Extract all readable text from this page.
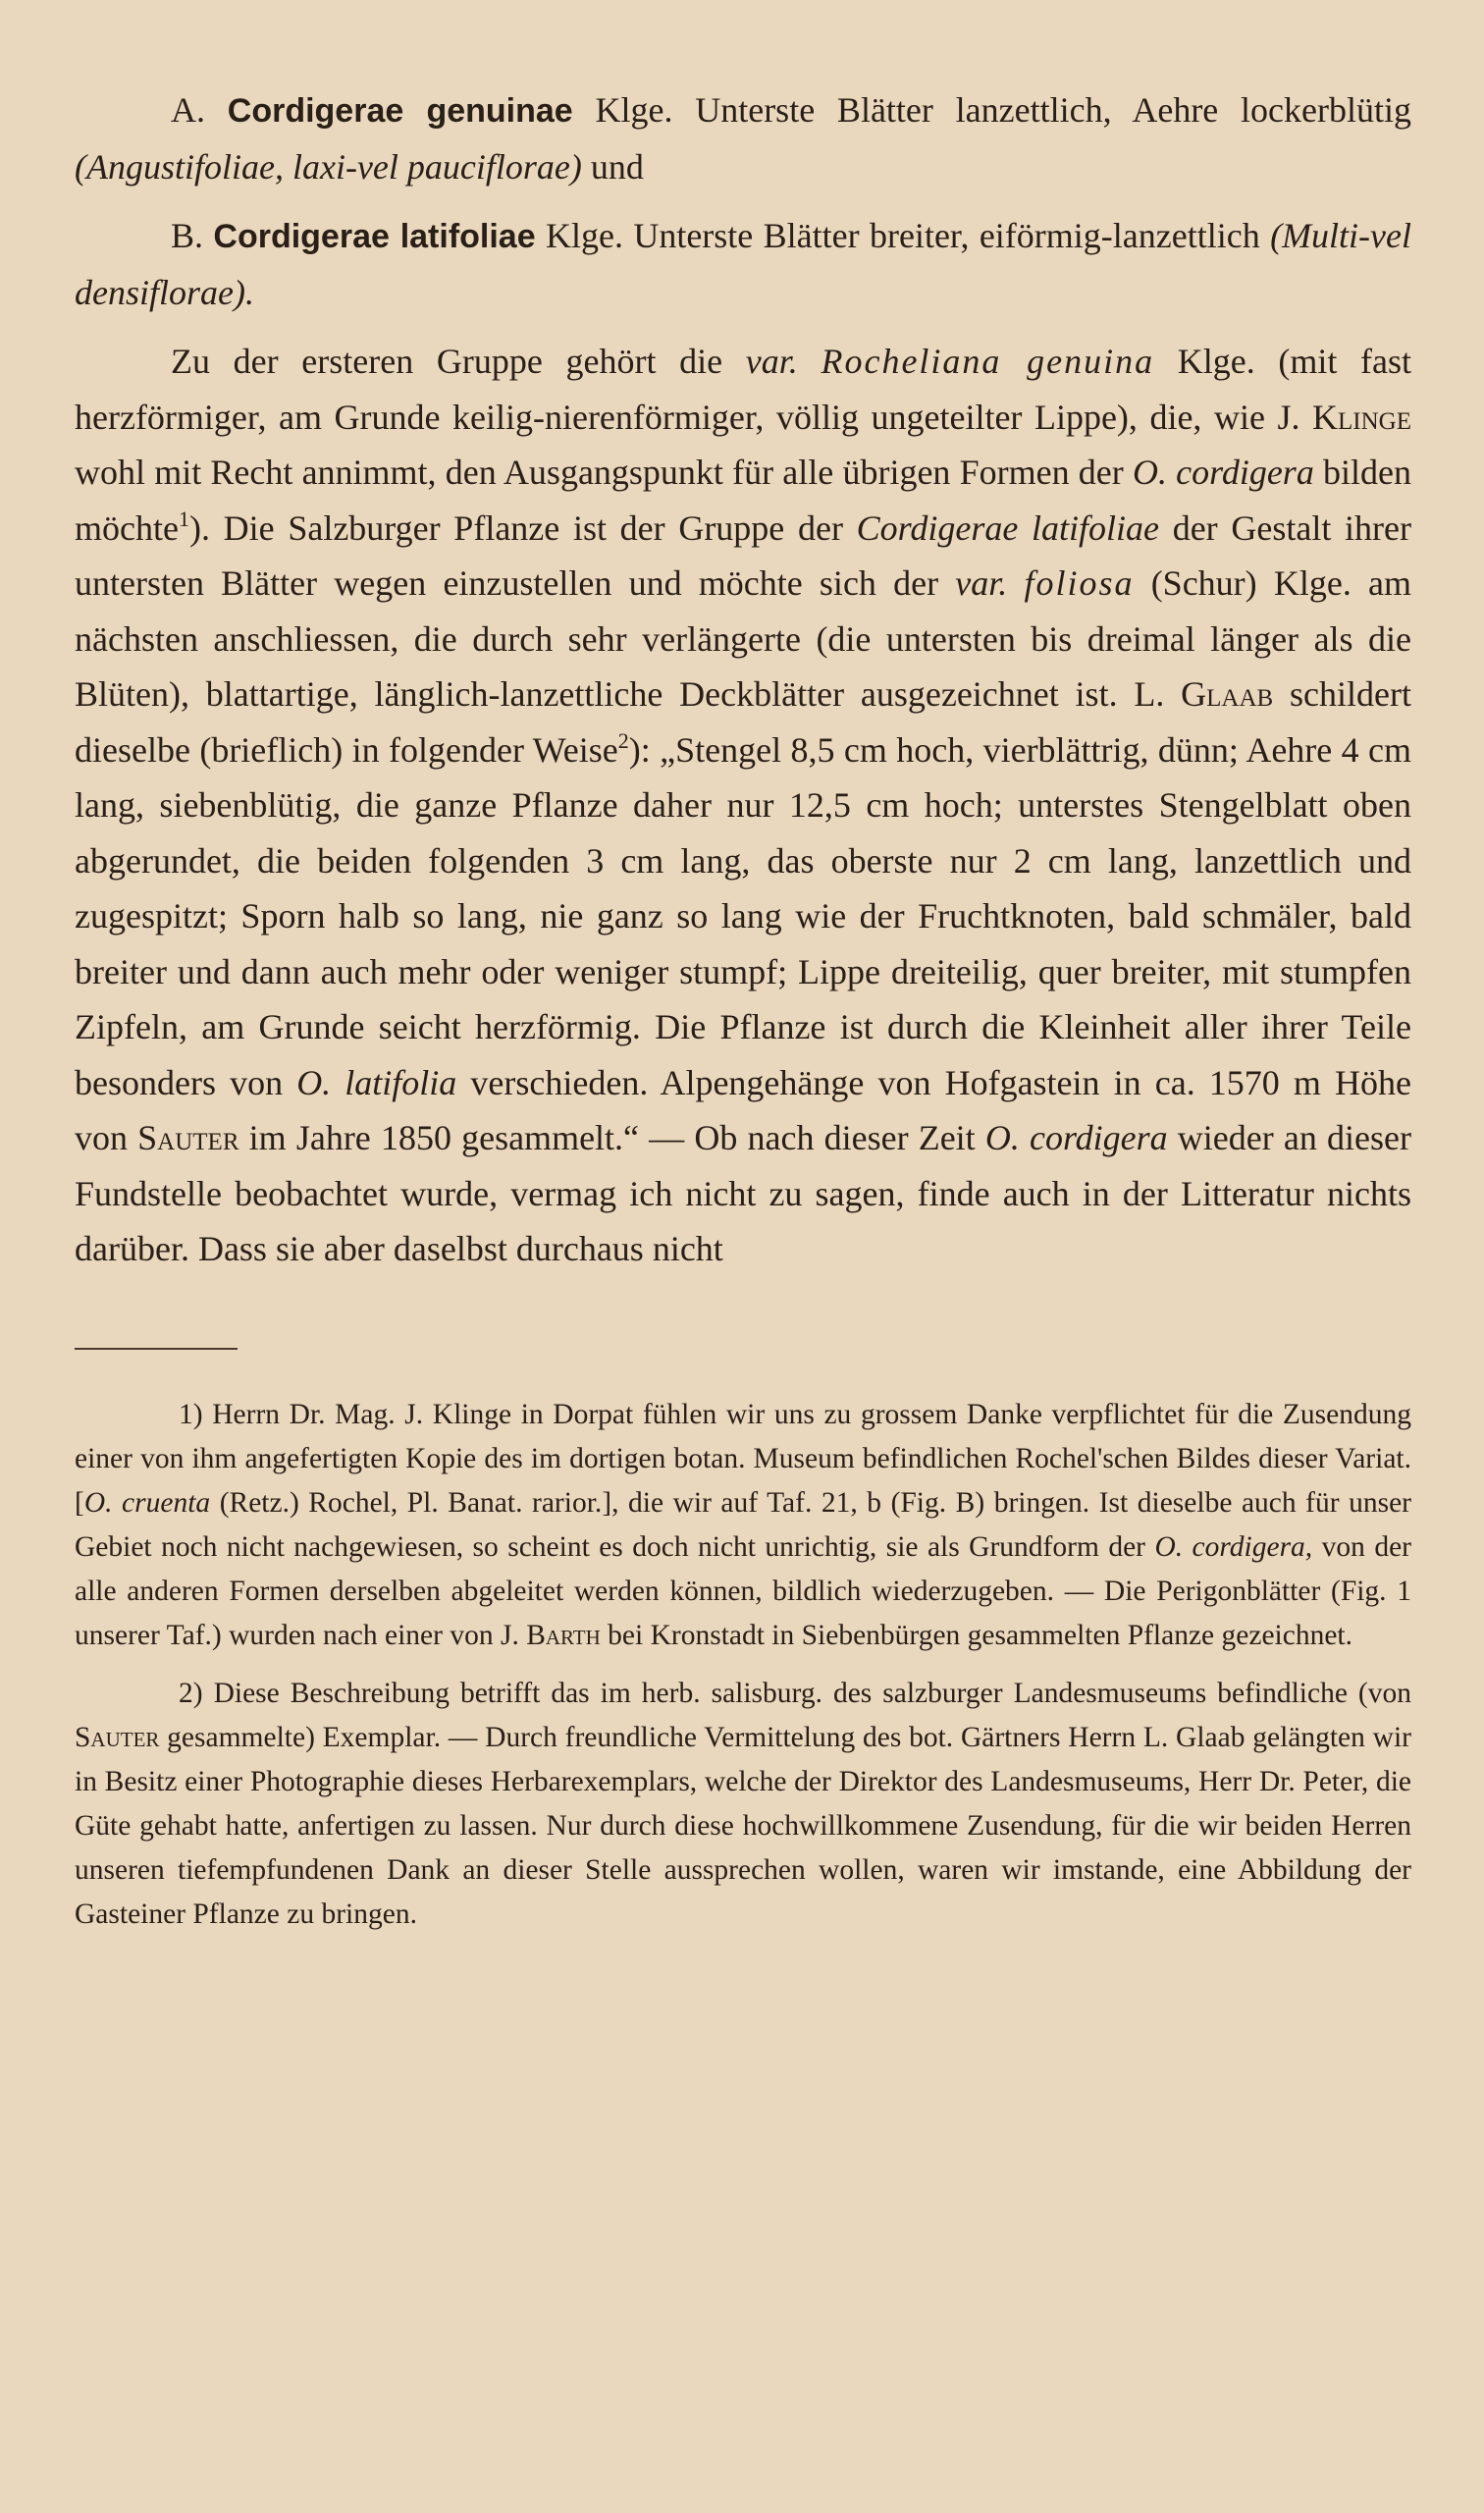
A. Cordigerae genuinae Klge. Unterste Blätter lanzettlich, Aehre lockerblütig (Angustifoliae, laxi-vel pauciflorae) und

B. Cordigerae latifoliae Klge. Unterste Blätter breiter, eiförmig-lanzettlich (Multi-vel densiflorae).

Zu der ersteren Gruppe gehört die var. Rocheliana genuina Klge. (mit fast herzförmiger, am Grunde keilig-nierenförmiger, völlig ungeteilter Lippe), die, wie J. Klinge wohl mit Recht annimmt, den Ausgangspunkt für alle übrigen Formen der O. cordigera bilden möchte$^1$). Die Salzburger Pflanze ist der Gruppe der Cordigerae latifoliae der Gestalt ihrer untersten Blätter wegen einzustellen und möchte sich der var. foliosa (Schur) Klge. am nächsten anschliessen, die durch sehr verlängerte (die untersten bis dreimal länger als die Blüten), blattartige, länglich-lanzettliche Deckblätter ausgezeichnet ist. L. Glaab schildert dieselbe (brieflich) in folgender Weise$^2$): „Stengel 8,5 cm hoch, vierblättrig, dünn; Aehre 4 cm lang, siebenblütig, die ganze Pflanze daher nur 12,5 cm hoch; unterstes Stengelblatt oben abgerundet, die beiden folgenden 3 cm lang, das oberste nur 2 cm lang, lanzettlich und zugespitzt; Sporn halb so lang, nie ganz so lang wie der Fruchtknoten, bald schmäler, bald breiter und dann auch mehr oder weniger stumpf; Lippe dreiteilig, quer breiter, mit stumpfen Zipfeln, am Grunde seicht herzförmig. Die Pflanze ist durch die Kleinheit aller ihrer Teile besonders von O. latifolia verschieden. Alpengehänge von Hofgastein in ca. 1570 m Höhe von Sauter im Jahre 1850 gesammelt.“ — Ob nach dieser Zeit O. cordigera wieder an dieser Fundstelle beobachtet wurde, vermag ich nicht zu sagen, finde auch in der Litteratur nichts darüber. Dass sie aber daselbst durchaus nicht

1) Herrn Dr. Mag. J. Klinge in Dorpat fühlen wir uns zu grossem Danke verpflichtet für die Zusendung einer von ihm angefertigten Kopie des im dortigen botan. Museum befindlichen Rochel'schen Bildes dieser Variat. [O. cruenta (Retz.) Rochel, Pl. Banat. rarior.], die wir auf Taf. 21, b (Fig. B) bringen. Ist dieselbe auch für unser Gebiet noch nicht nachgewiesen, so scheint es doch nicht unrichtig, sie als Grundform der O. cordigera, von der alle anderen Formen derselben abgeleitet werden können, bildlich wiederzugeben. — Die Perigonblätter (Fig. 1 unserer Taf.) wurden nach einer von J. Barth bei Kronstadt in Siebenbürgen gesammelten Pflanze gezeichnet.

2) Diese Beschreibung betrifft das im herb. salisburg. des salzburger Landesmuseums befindliche (von Sauter gesammelte) Exemplar. — Durch freundliche Vermittelung des bot. Gärtners Herrn L. Glaab gelängten wir in Besitz einer Photographie dieses Herbarexemplars, welche der Direktor des Landesmuseums, Herr Dr. Peter, die Güte gehabt hatte, anfertigen zu lassen. Nur durch diese hochwillkommene Zusendung, für die wir beiden Herren unseren tiefempfundenen Dank an dieser Stelle aussprechen wollen, waren wir imstande, eine Abbildung der Gasteiner Pflanze zu bringen.
